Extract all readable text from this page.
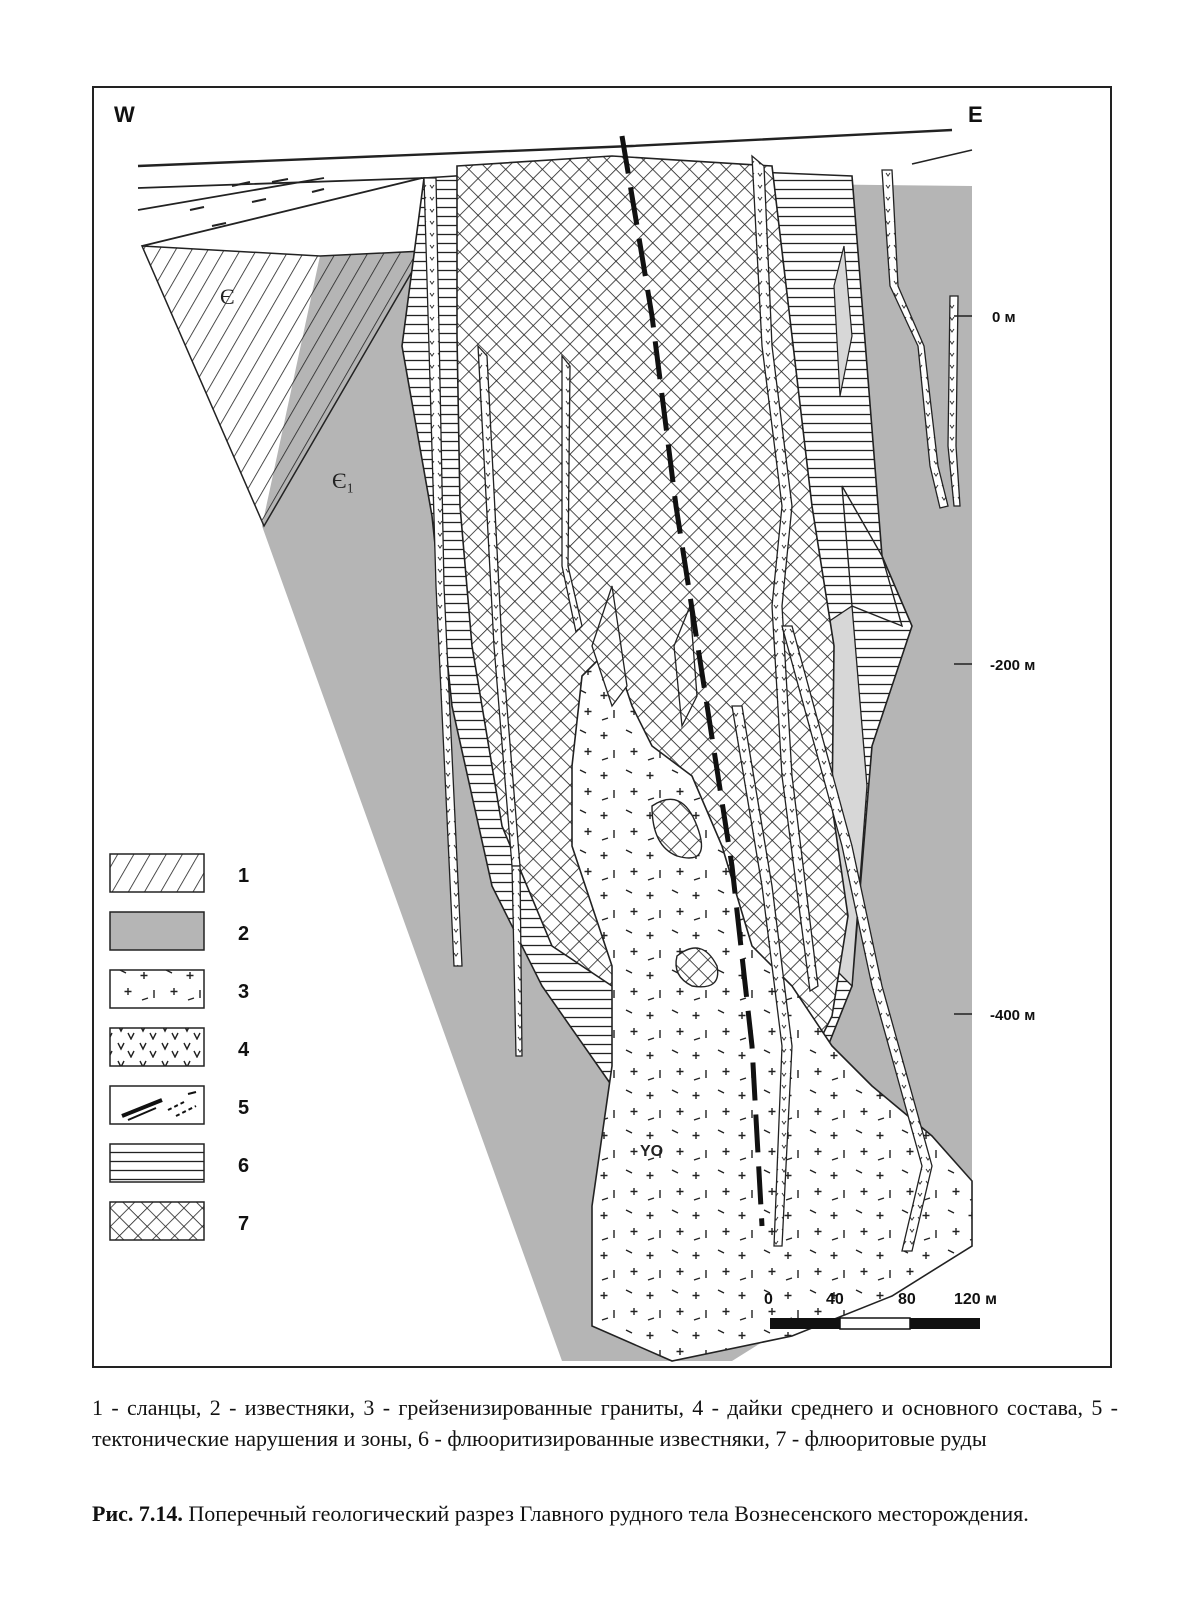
W	E
Є
Є₁
YO
0 м
-200 м
-400 м
0	40	80 120 м
1
2
3
4
5
6
7
1 - сланцы, 2 - известняки, 3 - грейзенизированные граниты, 4 - дайки среднего и основного состава, 5 - тектонические нарушения и зоны, 6 - флюоритизированные известняки, 7 - флюоритовые руды
Рис. 7.14. Поперечный геологический разрез Главного рудного тела Вознесенского месторождения.
